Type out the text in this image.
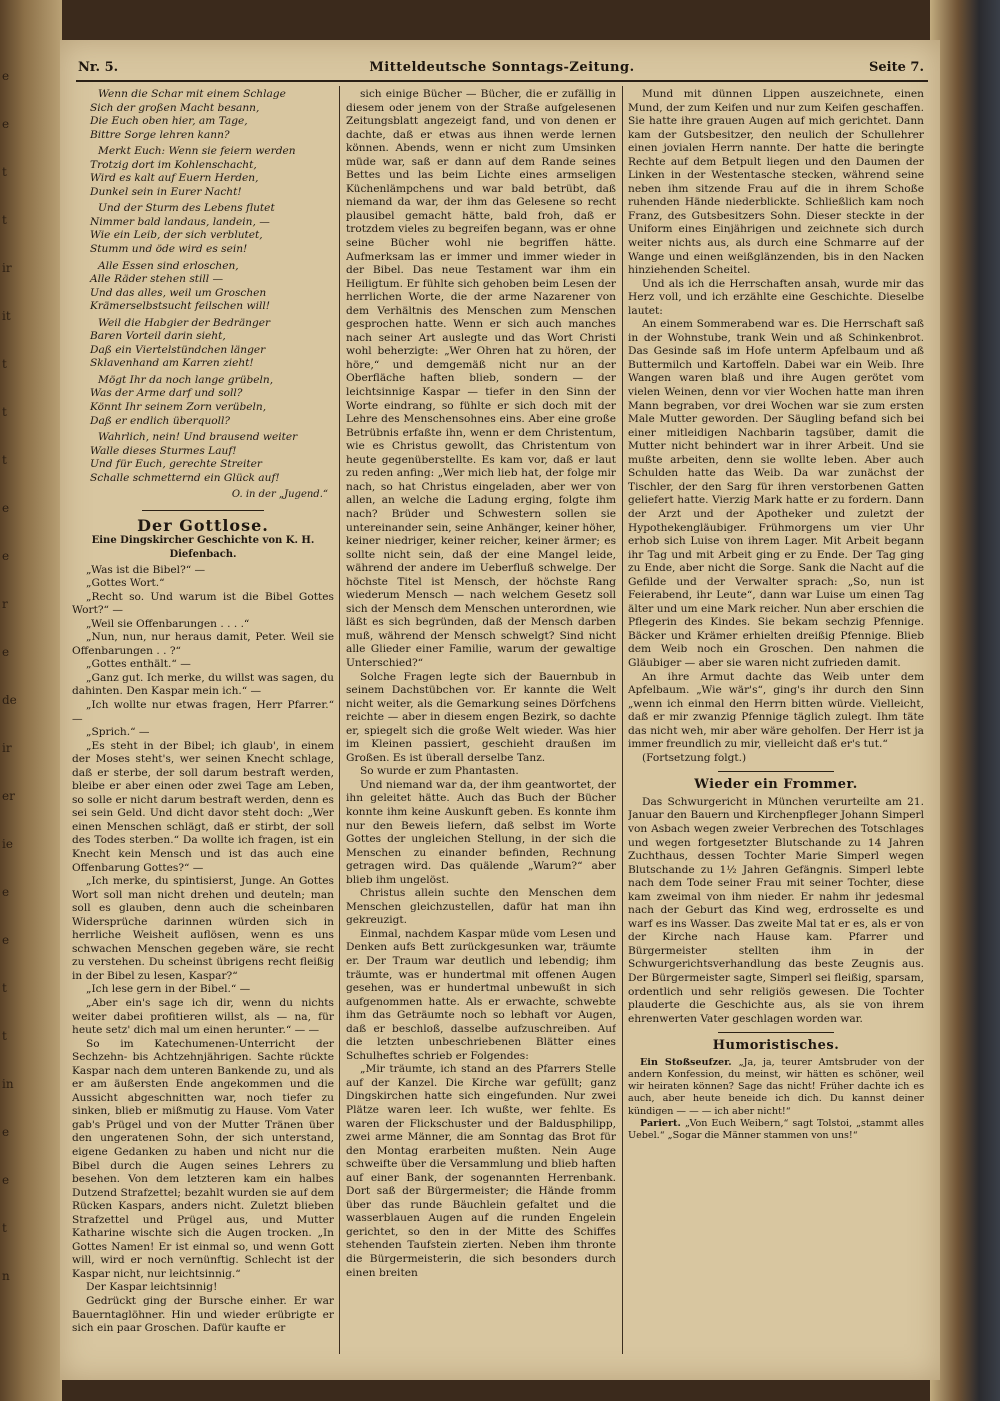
e
e
t
t
ir
it
t
t
t
e
e
r
e
de
ir
er
ie
e
e
t
t
in
e
e
t
n
Nr. 5.	Mitteldeutsche Sonntags-Zeitung.	Seite 7.

Wenn die Schar mit einem Schlage
Sich der großen Macht besann,
Die Euch oben hier, am Tage,
Bittre Sorge lehren kann?

Merkt Euch: Wenn sie feiern werden
Trotzig dort im Kohlenschacht,
Wird es kalt auf Euern Herden,
Dunkel sein in Eurer Nacht!

Und der Sturm des Lebens flutet
Nimmer bald landaus, landein, —
Wie ein Leib, der sich verblutet,
Stumm und öde wird es sein!

Alle Essen sind erloschen,
Alle Räder stehen still —
Und das alles, weil um Groschen
Krämerselbstsucht feilschen will!

Weil die Habgier der Bedränger
Baren Vorteil darin sieht,
Daß ein Viertelstündchen länger
Sklavenhand am Karren zieht!

Mögt Ihr da noch lange grübeln,
Was der Arme darf und soll?
Könnt Ihr seinem Zorn verübeln,
Daß er endlich überquoll?

Wahrlich, nein! Und brausend weiter
Walle dieses Sturmes Lauf!
Und für Euch, gerechte Streiter
Schalle schmetternd ein Glück auf!

O. in der „Jugend.“
Der Gottlose.
Eine Dingskircher Geschichte von K. H. Diefenbach.

„Was ist die Bibel?“ —

„Gottes Wort.“

„Recht so. Und warum ist die Bibel Gottes Wort?“ —

„Weil sie Offenbarungen . . . .“

„Nun, nun, nur heraus damit, Peter. Weil sie Offenbarungen . . ?“

„Gottes enthält.“ —

„Ganz gut. Ich merke, du willst was sagen, du dahinten. Den Kaspar mein ich.“ —

„Ich wollte nur etwas fragen, Herr Pfarrer.“ —

„Sprich.“ —

„Es steht in der Bibel; ich glaub', in einem der Moses steht's, wer seinen Knecht schlage, daß er sterbe, der soll darum bestraft werden, bleibe er aber einen oder zwei Tage am Leben, so solle er nicht darum bestraft werden, denn es sei sein Geld. Und dicht davor steht doch: „Wer einen Menschen schlägt, daß er stirbt, der soll des Todes sterben.“ Da wollte ich fragen, ist ein Knecht kein Mensch und ist das auch eine Offenbarung Gottes?“ —

„Ich merke, du spintisierst, Junge. An Gottes Wort soll man nicht drehen und deuteln; man soll es glauben, denn auch die scheinbaren Widersprüche darinnen würden sich in herrliche Weisheit auflösen, wenn es uns schwachen Menschen gegeben wäre, sie recht zu verstehen. Du scheinst übrigens recht fleißig in der Bibel zu lesen, Kaspar?“

„Ich lese gern in der Bibel.“ —

„Aber ein's sage ich dir, wenn du nichts weiter dabei profitieren willst, als — na, für heute setz' dich mal um einen herunter.“ — —

So im Katechumenen-Unterricht der Sechzehn- bis Achtzehnjährigen. Sachte rückte Kaspar nach dem unteren Bankende zu, und als er am äußersten Ende angekommen und die Aussicht abgeschnitten war, noch tiefer zu sinken, blieb er mißmutig zu Hause. Vom Vater gab's Prügel und von der Mutter Tränen über den ungeratenen Sohn, der sich unterstand, eigene Gedanken zu haben und nicht nur die Bibel durch die Augen seines Lehrers zu besehen. Von dem letzteren kam ein halbes Dutzend Strafzettel; bezahlt wurden sie auf dem Rücken Kaspars, anders nicht. Zuletzt blieben Strafzettel und Prügel aus, und Mutter Katharine wischte sich die Augen trocken. „In Gottes Namen! Er ist einmal so, und wenn Gott will, wird er noch vernünftig. Schlecht ist der Kaspar nicht, nur leichtsinnig.“

Der Kaspar leichtsinnig!

Gedrückt ging der Bursche einher. Er war Bauerntaglöhner. Hin und wieder erübrigte er sich ein paar Groschen. Dafür kaufte er

sich einige Bücher — Bücher, die er zufällig in diesem oder jenem von der Straße aufgelesenen Zeitungsblatt angezeigt fand, und von denen er dachte, daß er etwas aus ihnen werde lernen können. Abends, wenn er nicht zum Umsinken müde war, saß er dann auf dem Rande seines Bettes und las beim Lichte eines armseligen Küchenlämpchens und war bald betrübt, daß niemand da war, der ihm das Gelesene so recht plausibel gemacht hätte, bald froh, daß er trotzdem vieles zu begreifen begann, was er ohne seine Bücher wohl nie begriffen hätte. Aufmerksam las er immer und immer wieder in der Bibel. Das neue Testament war ihm ein Heiligtum. Er fühlte sich gehoben beim Lesen der herrlichen Worte, die der arme Nazarener von dem Verhältnis des Menschen zum Menschen gesprochen hatte. Wenn er sich auch manches nach seiner Art auslegte und das Wort Christi wohl beherzigte: „Wer Ohren hat zu hören, der höre,“ und demgemäß nicht nur an der Oberfläche haften blieb, sondern — der leichtsinnige Kaspar — tiefer in den Sinn der Worte eindrang, so fühlte er sich doch mit der Lehre des Menschensohnes eins. Aber eine große Betrübnis erfaßte ihn, wenn er dem Christentum, wie es Christus gewollt, das Christentum von heute gegenüberstellte. Es kam vor, daß er laut zu reden anfing: „Wer mich lieb hat, der folge mir nach, so hat Christus eingeladen, aber wer von allen, an welche die Ladung erging, folgte ihm nach? Brüder und Schwestern sollen sie untereinander sein, seine Anhänger, keiner höher, keiner niedriger, keiner reicher, keiner ärmer; es sollte nicht sein, daß der eine Mangel leide, während der andere im Ueberfluß schwelge. Der höchste Titel ist Mensch, der höchste Rang wiederum Mensch — nach welchem Gesetz soll sich der Mensch dem Menschen unterordnen, wie läßt es sich begründen, daß der Mensch darben muß, während der Mensch schwelgt? Sind nicht alle Glieder einer Familie, warum der gewaltige Unterschied?“

Solche Fragen legte sich der Bauernbub in seinem Dachstübchen vor. Er kannte die Welt nicht weiter, als die Gemarkung seines Dörfchens reichte — aber in diesem engen Bezirk, so dachte er, spiegelt sich die große Welt wieder. Was hier im Kleinen passiert, geschieht draußen im Großen. Es ist überall derselbe Tanz.

So wurde er zum Phantasten.

Und niemand war da, der ihm geantwortet, der ihn geleitet hätte. Auch das Buch der Bücher konnte ihm keine Auskunft geben. Es konnte ihm nur den Beweis liefern, daß selbst im Worte Gottes der ungleichen Stellung, in der sich die Menschen zu einander befinden, Rechnung getragen wird. Das quälende „Warum?“ aber blieb ihm ungelöst.

Christus allein suchte den Menschen dem Menschen gleichzustellen, dafür hat man ihn gekreuzigt.

Einmal, nachdem Kaspar müde vom Lesen und Denken aufs Bett zurückgesunken war, träumte er. Der Traum war deutlich und lebendig; ihm träumte, was er hundertmal mit offenen Augen gesehen, was er hundertmal unbewußt in sich aufgenommen hatte. Als er erwachte, schwebte ihm das Geträumte noch so lebhaft vor Augen, daß er beschloß, dasselbe aufzuschreiben. Auf die letzten unbeschriebenen Blätter eines Schulheftes schrieb er Folgendes:

„Mir träumte, ich stand an des Pfarrers Stelle auf der Kanzel. Die Kirche war gefüllt; ganz Dingskirchen hatte sich eingefunden. Nur zwei Plätze waren leer. Ich wußte, wer fehlte. Es waren der Flickschuster und der Baldusphilipp, zwei arme Männer, die am Sonntag das Brot für den Montag erarbeiten mußten. Nein Auge schweifte über die Versammlung und blieb haften auf einer Bank, der sogenannten Herrenbank. Dort saß der Bürgermeister; die Hände fromm über das runde Bäuchlein gefaltet und die wasserblauen Augen auf die runden Engelein gerichtet, so den in der Mitte des Schiffes stehenden Taufstein zierten. Neben ihm thronte die Bürgermeisterin, die sich besonders durch einen breiten

Mund mit dünnen Lippen auszeichnete, einen Mund, der zum Keifen und nur zum Keifen geschaffen. Sie hatte ihre grauen Augen auf mich gerichtet. Dann kam der Gutsbesitzer, den neulich der Schullehrer einen jovialen Herrn nannte. Der hatte die beringte Rechte auf dem Betpult liegen und den Daumen der Linken in der Westentasche stecken, während seine neben ihm sitzende Frau auf die in ihrem Schoße ruhenden Hände niederblickte. Schließlich kam noch Franz, des Gutsbesitzers Sohn. Dieser steckte in der Uniform eines Einjährigen und zeichnete sich durch weiter nichts aus, als durch eine Schmarre auf der Wange und einen weißglänzenden, bis in den Nacken hinziehenden Scheitel.

Und als ich die Herrschaften ansah, wurde mir das Herz voll, und ich erzählte eine Geschichte. Dieselbe lautet:

An einem Sommerabend war es. Die Herrschaft saß in der Wohnstube, trank Wein und aß Schinkenbrot. Das Gesinde saß im Hofe unterm Apfelbaum und aß Buttermilch und Kartoffeln. Dabei war ein Weib. Ihre Wangen waren blaß und ihre Augen gerötet vom vielen Weinen, denn vor vier Wochen hatte man ihren Mann begraben, vor drei Wochen war sie zum ersten Male Mutter geworden. Der Säugling befand sich bei einer mitleidigen Nachbarin tagsüber, damit die Mutter nicht behindert war in ihrer Arbeit. Und sie mußte arbeiten, denn sie wollte leben. Aber auch Schulden hatte das Weib. Da war zunächst der Tischler, der den Sarg für ihren verstorbenen Gatten geliefert hatte. Vierzig Mark hatte er zu fordern. Dann der Arzt und der Apotheker und zuletzt der Hypothekengläubiger. Frühmorgens um vier Uhr erhob sich Luise von ihrem Lager. Mit Arbeit begann ihr Tag und mit Arbeit ging er zu Ende. Der Tag ging zu Ende, aber nicht die Sorge. Sank die Nacht auf die Gefilde und der Verwalter sprach: „So, nun ist Feierabend, ihr Leute“, dann war Luise um einen Tag älter und um eine Mark reicher. Nun aber erschien die Pflegerin des Kindes. Sie bekam sechzig Pfennige. Bäcker und Krämer erhielten dreißig Pfennige. Blieb dem Weib noch ein Groschen. Den nahmen die Gläubiger — aber sie waren nicht zufrieden damit.

An ihre Armut dachte das Weib unter dem Apfelbaum. „Wie wär's“, ging's ihr durch den Sinn „wenn ich einmal den Herrn bitten würde. Vielleicht, daß er mir zwanzig Pfennige täglich zulegt. Ihm täte das nicht weh, mir aber wäre geholfen. Der Herr ist ja immer freundlich zu mir, vielleicht daß er's tut.“

(Fortsetzung folgt.)

Wieder ein Frommer.

Das Schwurgericht in München verurteilte am 21. Januar den Bauern und Kirchenpfleger Johann Simperl von Asbach wegen zweier Verbrechen des Totschlages und wegen fortgesetzter Blutschande zu 14 Jahren Zuchthaus, dessen Tochter Marie Simperl wegen Blutschande zu 1½ Jahren Gefängnis. Simperl lebte nach dem Tode seiner Frau mit seiner Tochter, diese kam zweimal von ihm nieder. Er nahm ihr jedesmal nach der Geburt das Kind weg, erdrosselte es und warf es ins Wasser. Das zweite Mal tat er es, als er von der Kirche nach Hause kam. Pfarrer und Bürgermeister stellten ihm in der Schwurgerichtsverhandlung das beste Zeugnis aus. Der Bürgermeister sagte, Simperl sei fleißig, sparsam, ordentlich und sehr religiös gewesen. Die Tochter plauderte die Geschichte aus, als sie von ihrem ehrenwerten Vater geschlagen worden war.

Humoristisches.

Ein Stoßseufzer. „Ja, ja, teurer Amtsbruder von der andern Konfession, du meinst, wir hätten es schöner, weil wir heiraten können? Sage das nicht! Früher dachte ich es auch, aber heute beneide ich dich. Du kannst deiner kündigen — — — ich aber nicht!“

Pariert. „Von Euch Weibern,“ sagt Tolstoi, „stammt alles Uebel.“ „Sogar die Männer stammen von uns!“
